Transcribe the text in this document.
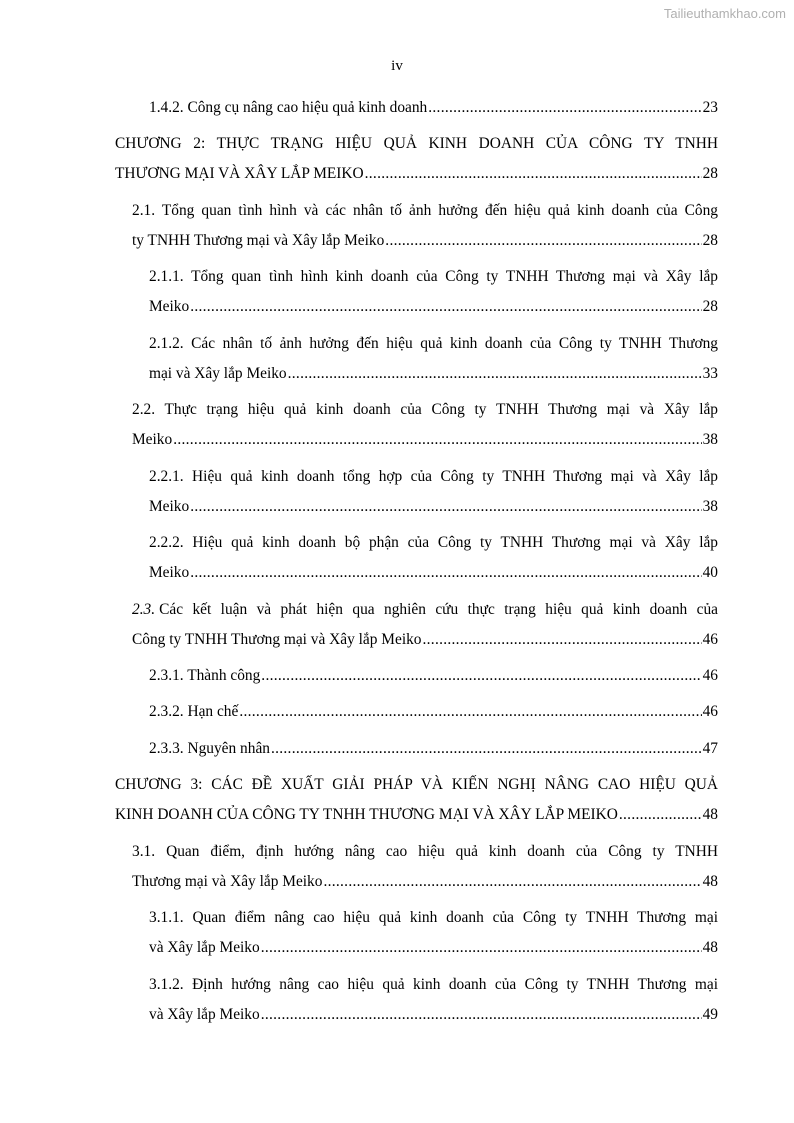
Tailieuthamkhao.com
iv
1.4.2. Công cụ nâng cao hiệu quả kinh doanh .....	23
CHƯƠNG 2: THỰC TRẠNG HIỆU QUẢ KINH DOANH CỦA CÔNG TY TNHH
THƯƠNG MẠI VÀ XÂY LẮP MEIKO .....	28
2.1. Tổng quan tình hình và các nhân tố ảnh hưởng đến hiệu quả kinh doanh của Công
ty TNHH Thương mại và Xây lắp Meiko .....	28
2.1.1. Tổng quan tình hình kinh doanh của Công ty TNHH Thương mại và Xây lắp
Meiko .....	28
2.1.2. Các nhân tố ảnh hưởng đến hiệu quả kinh doanh của Công ty TNHH Thương
mại và Xây lắp Meiko .....	33
2.2. Thực trạng hiệu quả kinh doanh của Công ty TNHH Thương mại và Xây lắp
Meiko .....	38
2.2.1. Hiệu quả kinh doanh tổng hợp của Công ty TNHH Thương mại và Xây lắp
Meiko .....	38
2.2.2. Hiệu quả kinh doanh bộ phận của Công ty TNHH Thương mại và Xây lắp
Meiko .....	40
2.3. Các kết luận và phát hiện qua nghiên cứu thực trạng hiệu quả kinh doanh của
Công ty TNHH Thương mại và Xây lắp Meiko .....	46
2.3.1. Thành công .....	46
2.3.2. Hạn chế .....	46
2.3.3. Nguyên nhân .....	47
CHƯƠNG 3: CÁC ĐỀ XUẤT GIẢI PHÁP VÀ KIẾN NGHỊ NÂNG CAO HIỆU QUẢ
KINH DOANH CỦA CÔNG TY TNHH THƯƠNG MẠI VÀ XÂY LẮP MEIKO .....	48
3.1. Quan điểm, định hướng nâng cao hiệu quả kinh doanh của Công ty TNHH
Thương mại và Xây lắp Meiko .....	48
3.1.1. Quan điểm nâng cao hiệu quả kinh doanh của Công ty TNHH Thương mại
và Xây lắp Meiko .....	48
3.1.2. Định hướng nâng cao hiệu quả kinh doanh của Công ty TNHH Thương mại
và Xây lắp Meiko .....	49
